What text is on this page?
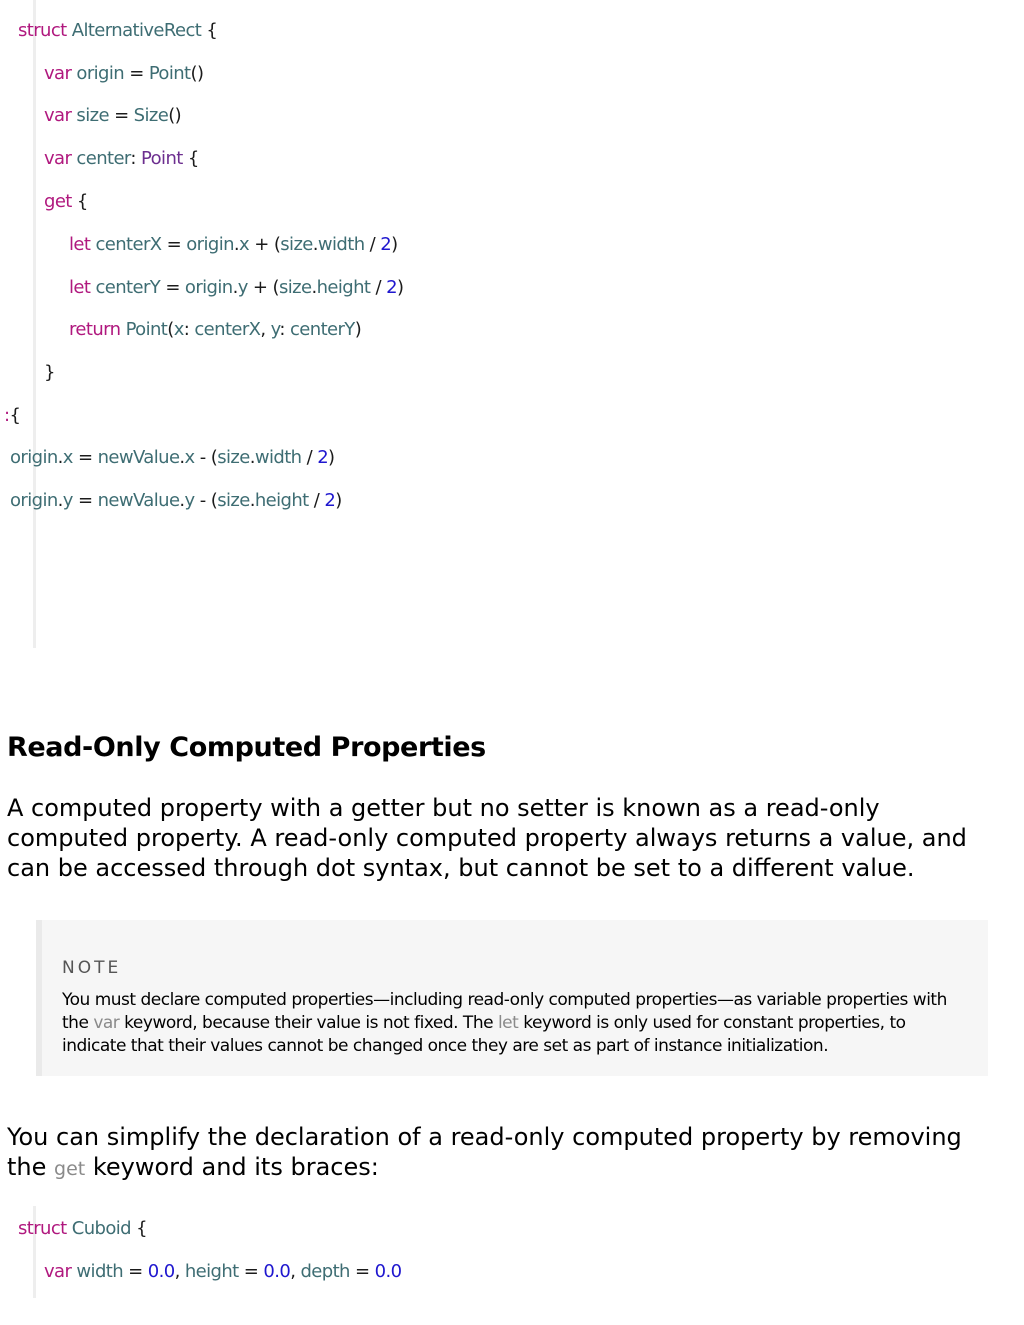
struct AlternativeRect {
var origin = Point()
var size = Size()
var center: Point {
get {
let centerX = origin.x + (size.width / 2)
let centerY = origin.y + (size.height / 2)
return Point(x: centerX, y: centerY)
}
:{
origin.x = newValue.x - (size.width / 2)
origin.y = newValue.y - (size.height / 2)
Read-Only Computed Properties

A computed property with a getter but no setter is known as a read-only computed property. A read-only computed property always returns a value, and can be accessed through dot syntax, but cannot be set to a different value.

NOTE

You must declare computed properties—including read-only computed properties—as variable properties with the var keyword, because their value is not fixed. The let keyword is only used for constant properties, to indicate that their values cannot be changed once they are set as part of instance initialization.

You can simplify the declaration of a read-only computed property by removing the get keyword and its braces:

struct Cuboid {
var width = 0.0, height = 0.0, depth = 0.0
